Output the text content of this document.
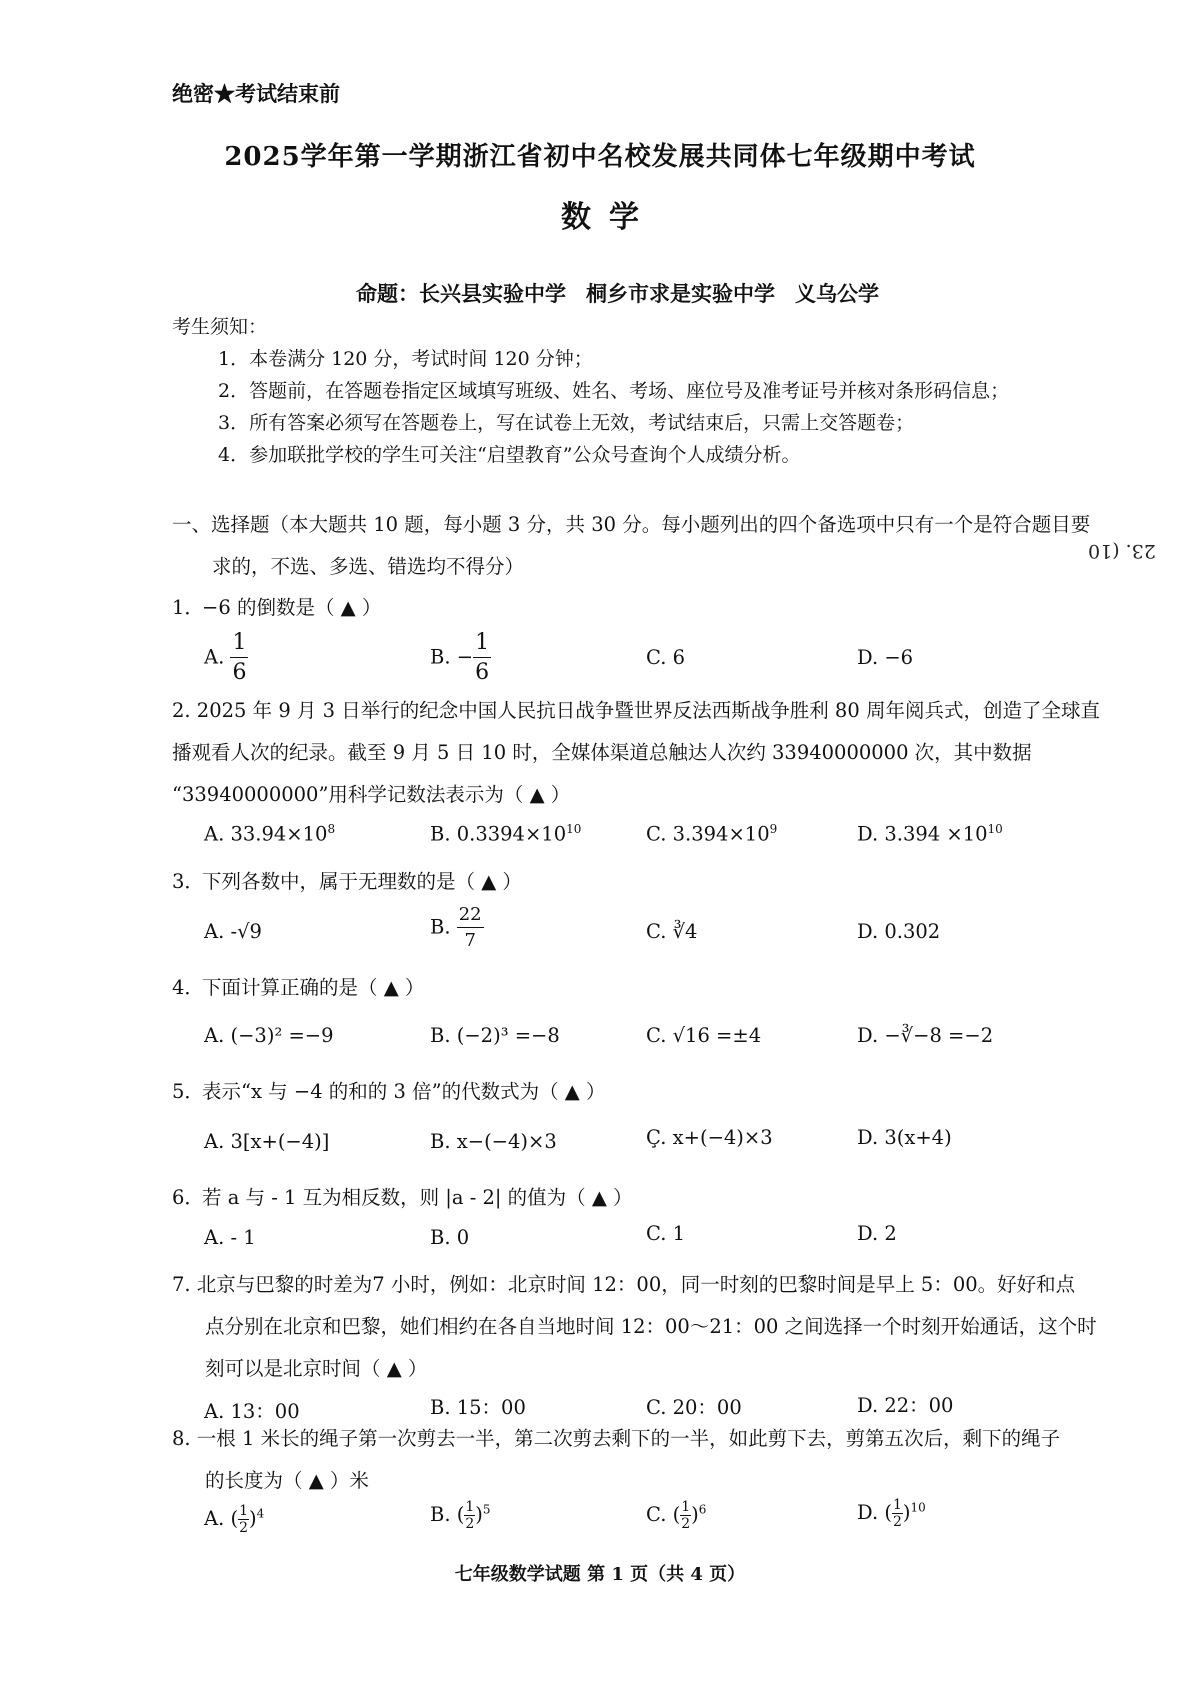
绝密★考试结束前
2025学年第一学期浙江省初中名校发展共同体七年级期中考试
数学
命题：长兴县实验中学 桐乡市求是实验中学 义乌公学
考生须知：
1．本卷满分 120 分，考试时间 120 分钟；
2．答题前，在答题卷指定区域填写班级、姓名、考场、座位号及准考证号并核对条形码信息；
3．所有答案必须写在答题卷上，写在试卷上无效，考试结束后，只需上交答题卷；
4．参加联批学校的学生可关注“启望教育”公众号查询个人成绩分析。
一、选择题（本大题共 10 题，每小题 3 分，共 30 分。每小题列出的四个备选项中只有一个是符合题目要
求的，不选、多选、错选均不得分）
23. (10
1．−6 的倒数是（ ▲ ）
A. $\frac{1}{6}$	B. − $\frac{1}{6}$	C. 6	D. −6
2. 2025 年 9 月 3 日举行的纪念中国人民抗日战争暨世界反法西斯战争胜利 80 周年阅兵式，创造了全球直
播观看人次的纪录。截至 9 月 5 日 10 时，全媒体渠道总触达人次约 33940000000 次，其中数据
“33940000000”用科学记数法表示为（ ▲ ）
A. $33.94\times 10^8$	B. $0.3394\times 10^{10}$	C. $3.394\times 10^9$	D. $3.394 \times 10^{10}$
3．下列各数中，属于无理数的是（ ▲ ）
A. -√9	B. $\frac{22}{7}$	C. ∛4	D. 0.302
4．下面计算正确的是（ ▲ ）
A. (−3)² =−9	B. (−2)³ =−8	C. √16 =±4	D. −∛−8 =−2
5．表示“x 与 −4 的和的 3 倍”的代数式为（ ▲ ）
A. 3[x+(−4)]	B. x−(−4)×3	Ç. x+(−4)×3	D. 3(x+4)
6．若 a 与 - 1 互为相反数，则 |a - 2| 的值为（ ▲ ）
A. - 1	B. 0	C. 1	D. 2
7. 北京与巴黎的时差为7 小时，例如：北京时间 12：00，同一时刻的巴黎时间是早上 5：00。好好和点
点分别在北京和巴黎，她们相约在各自当地时间 12：00～21：00 之间选择一个时刻开始通话，这个时
刻可以是北京时间（ ▲ ）
A. 13：00	B. 15：00	C. 20：00	D. 22：00
8. 一根 1 米长的绳子第一次剪去一半，第二次剪去剩下的一半，如此剪下去，剪第五次后，剩下的绳子
的长度为（ ▲ ）米
A. ( $\frac{1}{2} )^4$	B. ( $\frac{1}{2} )^5$	C. ( $\frac{1}{2} )^6$	D. ( $\frac{1}{2} )^{10}$
七年级数学试题 第 1 页（共 4 页）
